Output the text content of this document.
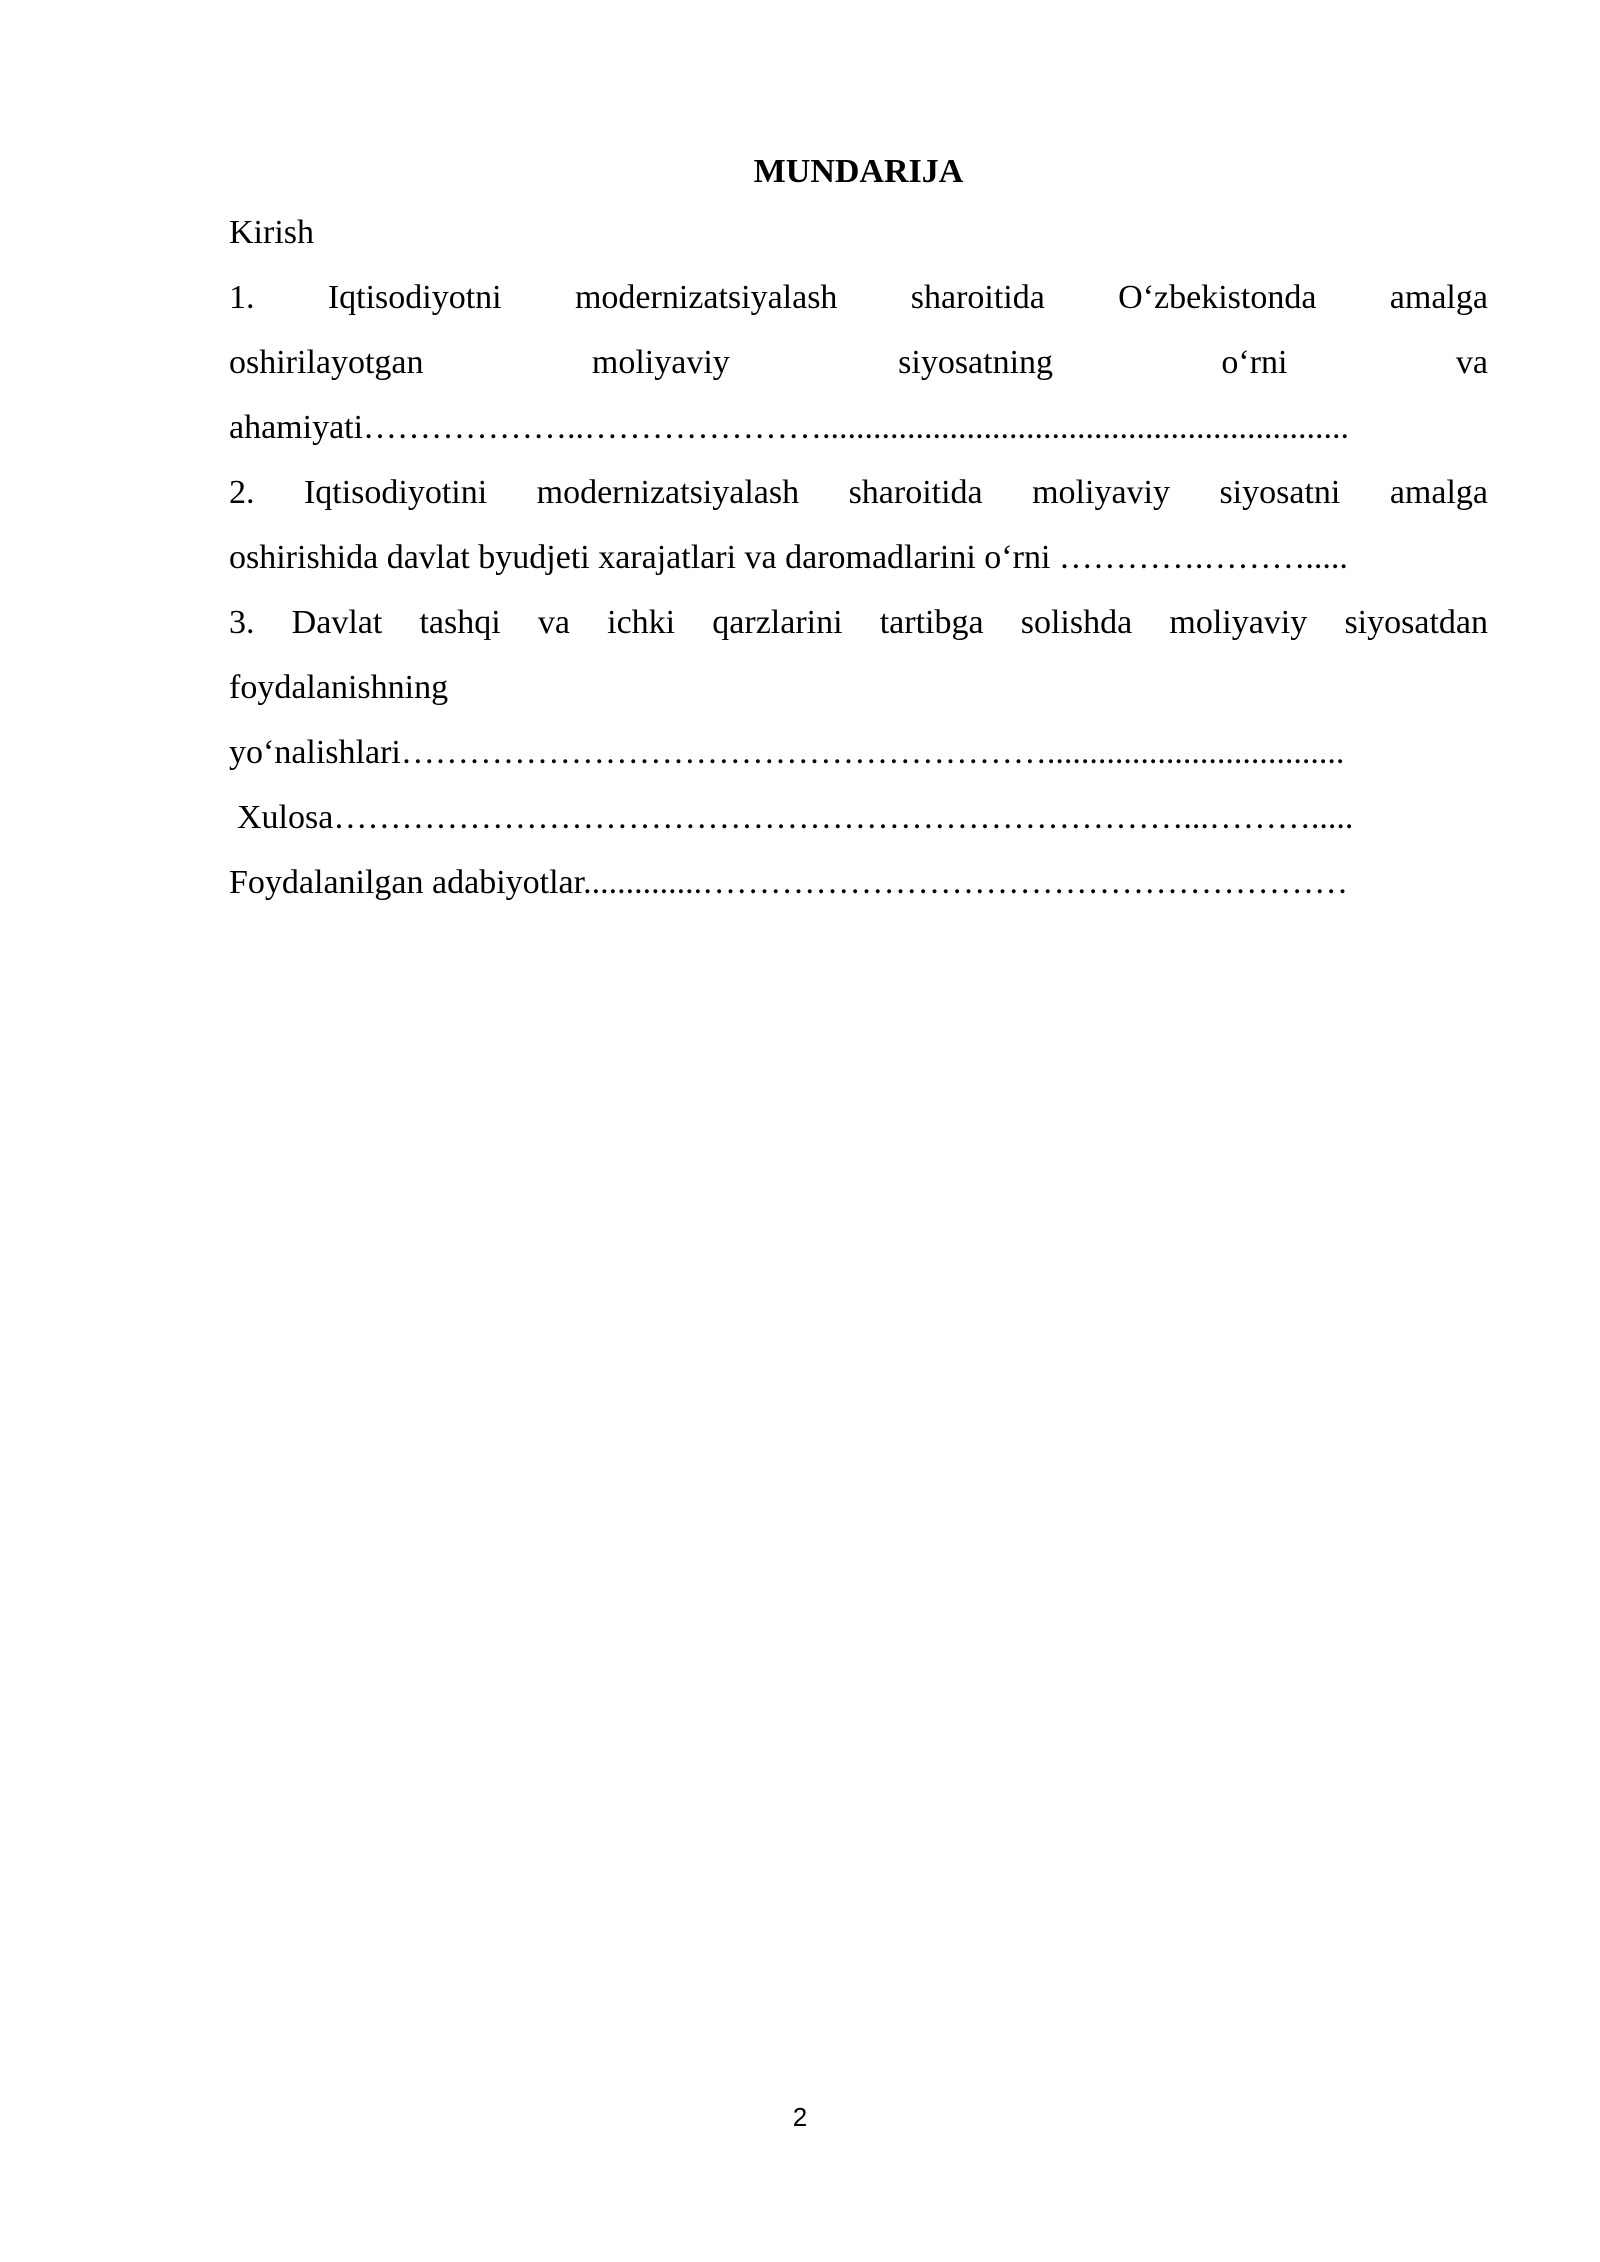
MUNDARIJA
Kirish
1. Iqtisodiyotni modernizatsiyalash sharoitida O‘zbekistonda amalga
oshirilayotgan	moliyaviy	siyosatning	o‘rni	va
ahamiyati………………..…………………..............................................................
2. Iqtisodiyotini modernizatsiyalash sharoitida moliyaviy siyosatni amalga
oshirishida davlat byudjeti xarajatlari va daromadlarini o‘rni ………….……….....
3. Davlat tashqi va ichki qarzlarini tartibga solishda moliyaviy siyosatdan
foydalanishning
yo‘nalishlari…………………………………………………...................................
Xulosa…………………………………………………………………...……….....
Foydalanilgan adabiyotlar..............…………………………………………………
2
